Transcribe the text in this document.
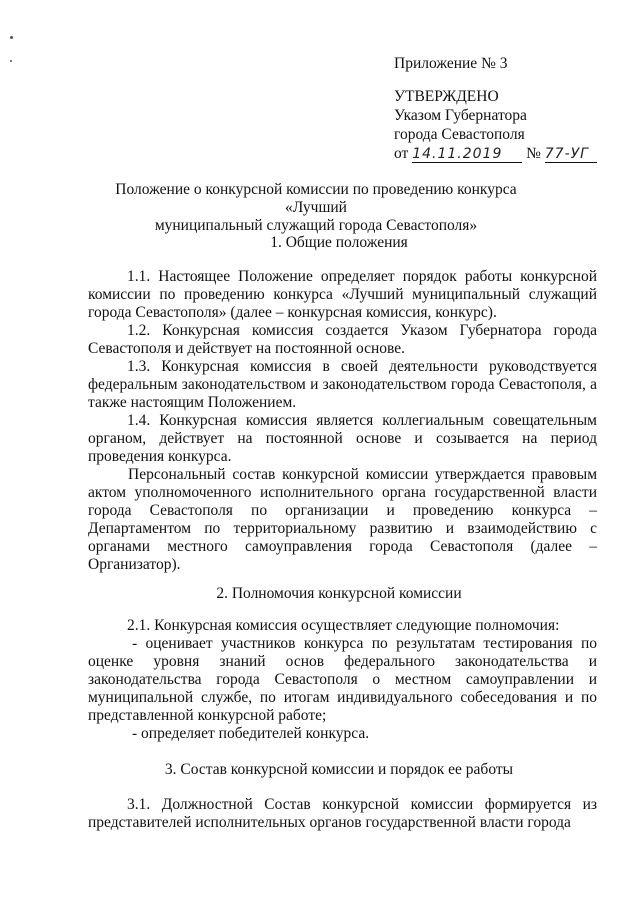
Приложение № 3
УТВЕРЖДЕНО
Указом Губернатора
города Севастополя
от 14.11.2019 № 77-УГ
Положение о конкурсной комиссии по проведению конкурса «Лучший
муниципальный служащий города Севастополя»
1. Общие положения

1.1. Настоящее Положение определяет порядок работы конкурсной комиссии по проведению конкурса «Лучший муниципальный служащий города Севастополя» (далее – конкурсная комиссия, конкурс).

1.2. Конкурсная комиссия создается Указом Губернатора города Севастополя и действует на постоянной основе.

1.3. Конкурсная комиссия в своей деятельности руководствуется федеральным законодательством и законодательством города Севастополя, а также настоящим Положением.

1.4. Конкурсная комиссия является коллегиальным совещательным органом, действует на постоянной основе и созывается на период проведения конкурса.

Персональный состав конкурсной комиссии утверждается правовым актом уполномоченного исполнительного органа государственной власти города Севастополя по организации и проведению конкурса – Департаментом по территориальному развитию и взаимодействию с органами местного самоуправления города Севастополя (далее – Организатор).

2. Полномочия конкурсной комиссии

2.1. Конкурсная комиссия осуществляет следующие полномочия:

- оценивает участников конкурса по результатам тестирования по оценке уровня знаний основ федерального законодательства и законодательства города Севастополя о местном самоуправлении и муниципальной службе, по итогам индивидуального собеседования и по представленной конкурсной работе;

- определяет победителей конкурса.

3. Состав конкурсной комиссии и порядок ее работы

3.1. Должностной Состав конкурсной комиссии формируется из представителей исполнительных органов государственной власти города
